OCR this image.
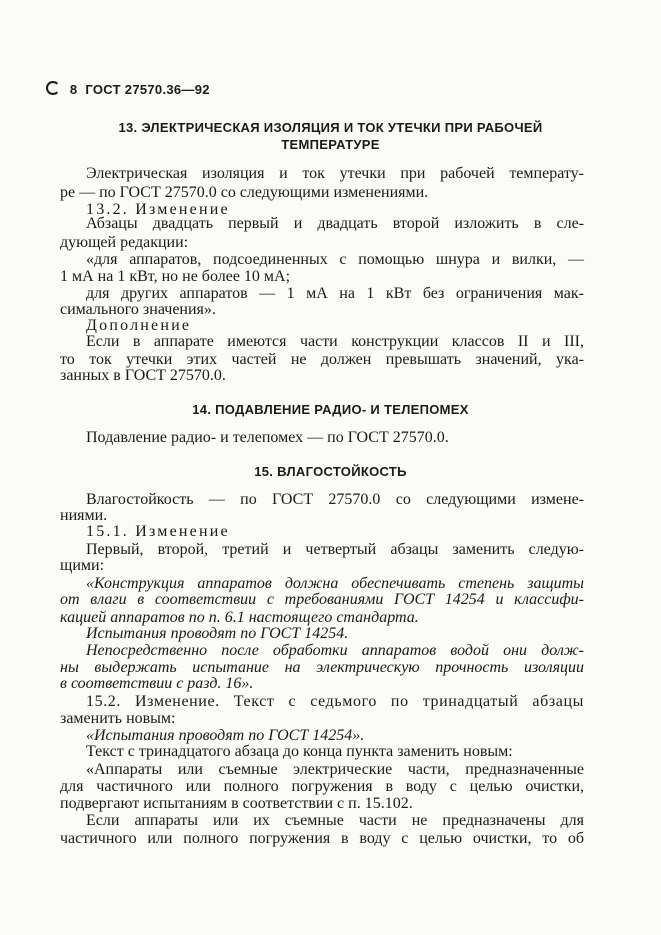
8 ГОСТ 27570.36—92
13. ЭЛЕКТРИЧЕСКАЯ ИЗОЛЯЦИЯ И ТОК УТЕЧКИ ПРИ РАБОЧЕЙ
ТЕМПЕРАТУРЕ
Электрическая изоляция и ток утечки при рабочей температу-
ре — по ГОСТ 27570.0 со следующими изменениями.
13.2. Изменение
Абзацы двадцать первый и двадцать второй изложить в сле-
дующей редакции:
«для аппаратов, подсоединенных с помощью шнура и вилки, —
1 мА на 1 кВт, но не более 10 мА;
для других аппаратов — 1 мА на 1 кВт без ограничения мак-
симального значения».
Дополнение
Если в аппарате имеются части конструкции классов II и III,
то ток утечки этих частей не должен превышать значений, ука-
занных в ГОСТ 27570.0.
14. ПОДАВЛЕНИЕ РАДИО- И ТЕЛЕПОМЕХ
Подавление радио- и телепомех — по ГОСТ 27570.0.
15. ВЛАГОСТОЙКОСТЬ
Влагостойкость — по ГОСТ 27570.0 со следующими измене-
ниями.
15.1. Изменение
Первый, второй, третий и четвертый абзацы заменить следую-
щими:
«Конструкция аппаратов должна обеспечивать степень защиты
от влаги в соответствии с требованиями ГОСТ 14254 и классифи-
кацией аппаратов по п. 6.1 настоящего стандарта.
Испытания проводят по ГОСТ 14254.
Непосредственно после обработки аппаратов водой они долж-
ны выдержать испытание на электрическую прочность изоляции
в соответствии с разд. 16».
15.2. Изменение. Текст с седьмого по тринадцатый абзацы
заменить новым:
«Испытания проводят по ГОСТ 14254».
Текст с тринадцатого абзаца до конца пункта заменить новым:
«Аппараты или съемные электрические части, предназначенные
для частичного или полного погружения в воду с целью очистки,
подвергают испытаниям в соответствии с п. 15.102.
Если аппараты или их съемные части не предназначены для
частичного или полного погружения в воду с целью очистки, то об
